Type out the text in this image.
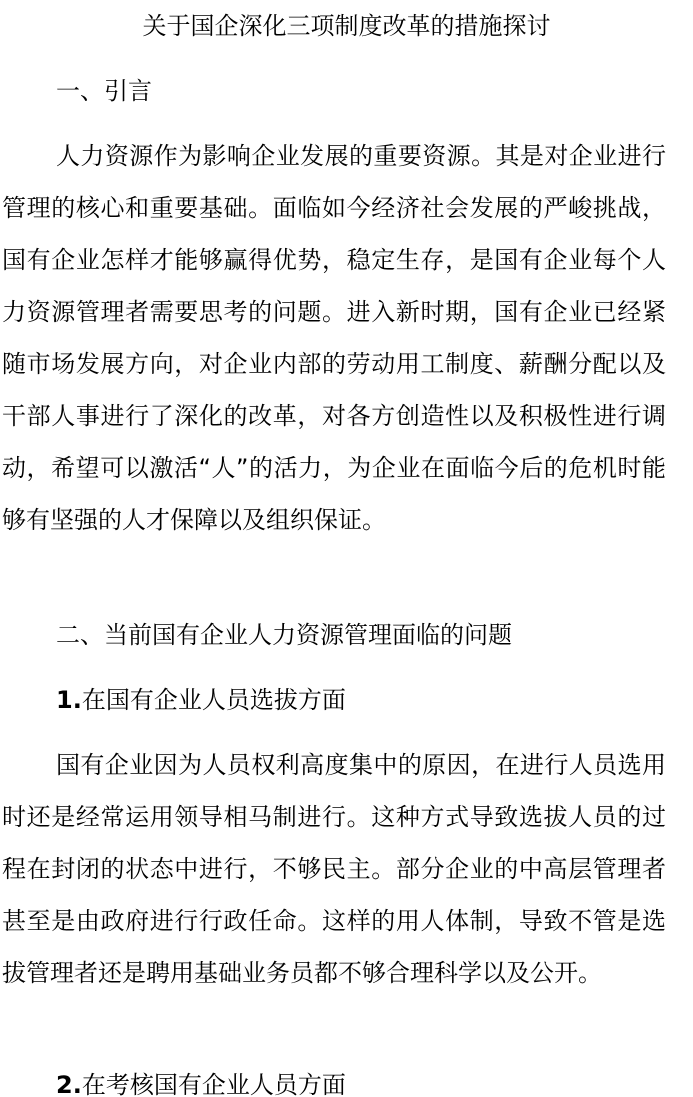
关于国企深化三项制度改革的措施探讨
一、引言
人力资源作为影响企业发展的重要资源。其是对企业进行管理的核心和重要基础。面临如今经济社会发展的严峻挑战，国有企业怎样才能够赢得优势，稳定生存，是国有企业每个人力资源管理者需要思考的问题。进入新时期，国有企业已经紧随市场发展方向，对企业内部的劳动用工制度、薪酬分配以及干部人事进行了深化的改革，对各方创造性以及积极性进行调动，希望可以激活“人”的活力，为企业在面临今后的危机时能够有坚强的人才保障以及组织保证。
二、当前国有企业人力资源管理面临的问题
1.在国有企业人员选拔方面
国有企业因为人员权利高度集中的原因，在进行人员选用时还是经常运用领导相马制进行。这种方式导致选拔人员的过程在封闭的状态中进行，不够民主。部分企业的中高层管理者甚至是由政府进行行政任命。这样的用人体制，导致不管是选拔管理者还是聘用基础业务员都不够合理科学以及公开。
2.在考核国有企业人员方面
